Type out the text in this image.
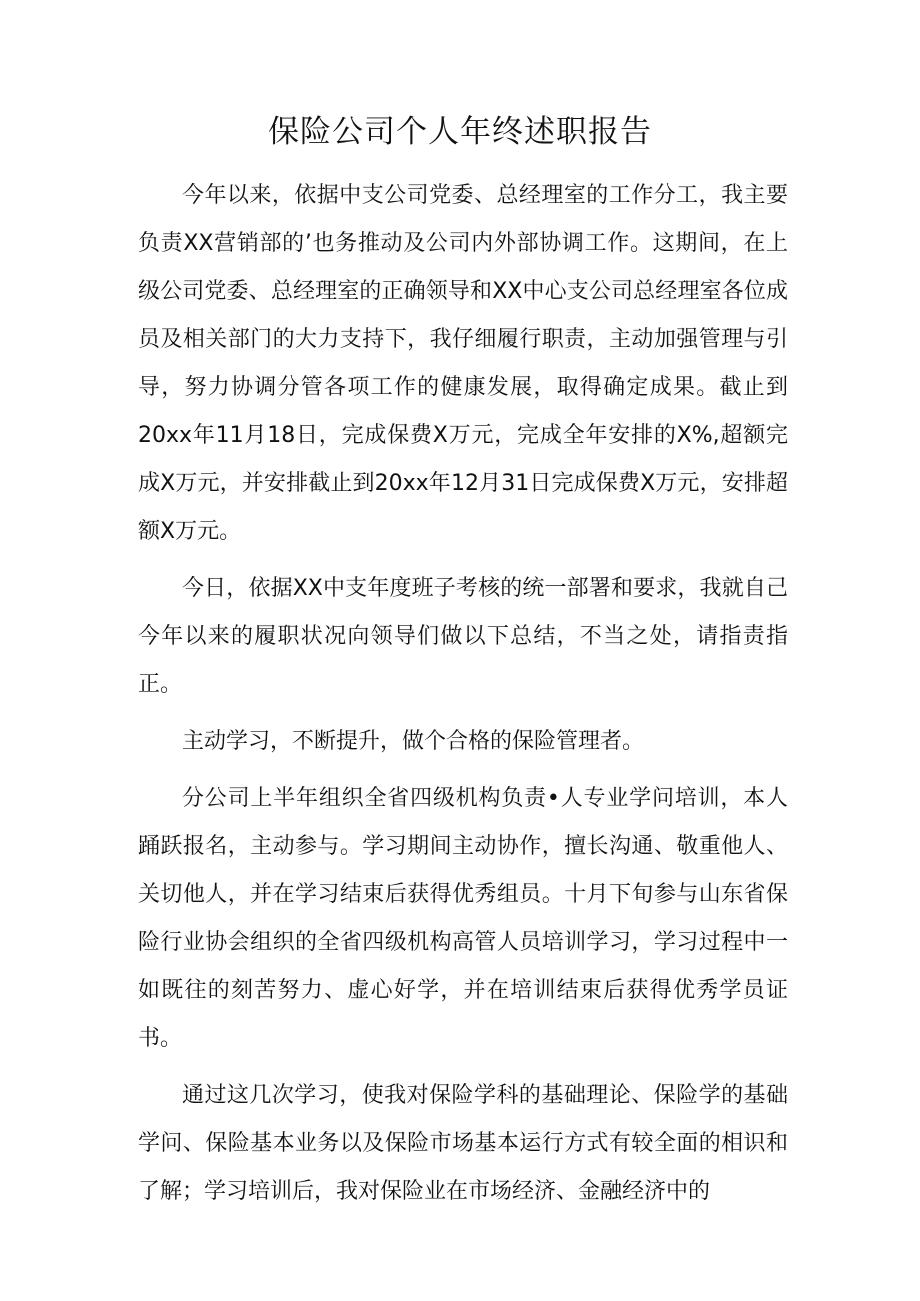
保险公司个人年终述职报告

今年以来，依据中支公司党委、总经理室的工作分工，我主要负责XX营销部的’也务推动及公司内外部协调工作。这期间，在上级公司党委、总经理室的正确领导和XX中心支公司总经理室各位成员及相关部门的大力支持下，我仔细履行职责，主动加强管理与引导，努力协调分管各项工作的健康发展，取得确定成果。截止到20xx年11月18日，完成保费X万元，完成全年安排的X%,超额完成X万元，并安排截止到20xx年12月31日完成保费X万元，安排超额X万元。

今日，依据XX中支年度班子考核的统一部署和要求，我就自己今年以来的履职状况向领导们做以下总结，不当之处，请指责指正。

主动学习，不断提升，做个合格的保险管理者。

分公司上半年组织全省四级机构负责•人专业学问培训，本人踊跃报名，主动参与。学习期间主动协作，擅长沟通、敬重他人、关切他人，并在学习结束后获得优秀组员。十月下旬参与山东省保险行业协会组织的全省四级机构高管人员培训学习，学习过程中一如既往的刻苦努力、虚心好学，并在培训结束后获得优秀学员证书。

通过这几次学习，使我对保险学科的基础理论、保险学的基础学问、保险基本业务以及保险市场基本运行方式有较全面的相识和了解；学习培训后，我对保险业在市场经济、金融经济中的
